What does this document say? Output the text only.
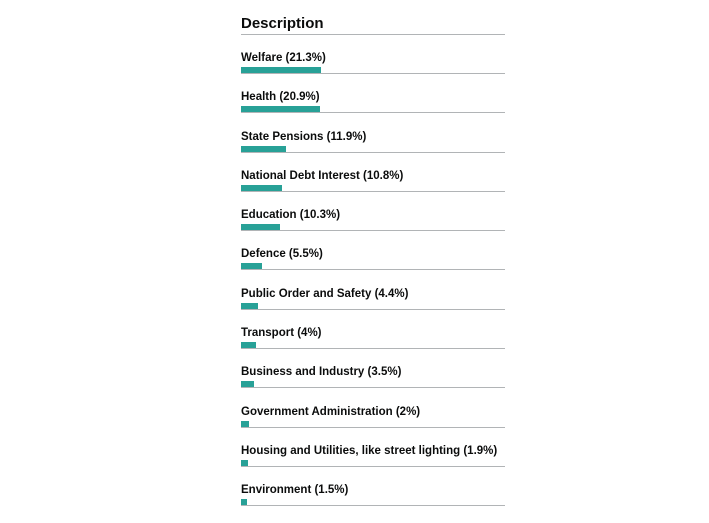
Description
Welfare (21.3%)
Health (20.9%)
State Pensions (11.9%)
National Debt Interest (10.8%)
Education (10.3%)
Defence (5.5%)
Public Order and Safety (4.4%)
Transport (4%)
Business and Industry (3.5%)
Government Administration (2%)
Housing and Utilities, like street lighting (1.9%)
Environment (1.5%)
